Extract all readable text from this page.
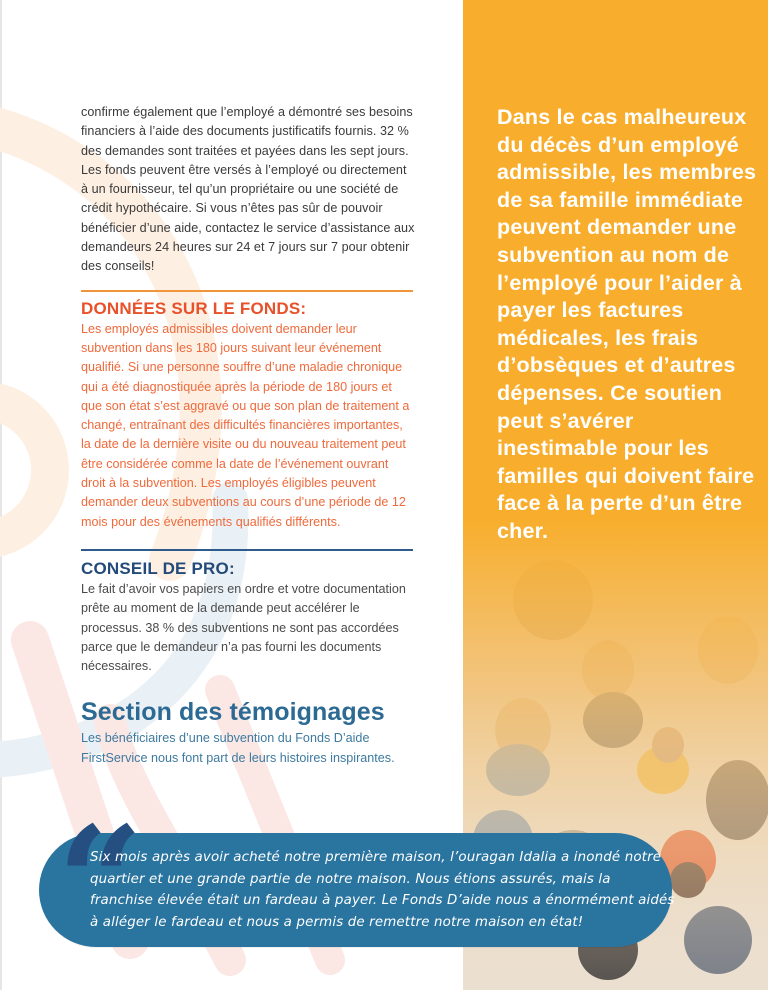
confirme également que l’employé a démontré ses besoins financiers à l’aide des documents justificatifs fournis. 32 % des demandes sont traitées et payées dans les sept jours. Les fonds peuvent être versés à l’employé ou directement à un fournisseur, tel qu’un propriétaire ou une société de crédit hypothécaire. Si vous n’êtes pas sûr de pouvoir bénéficier d’une aide, contactez le service d’assistance aux demandeurs 24 heures sur 24 et 7 jours sur 7 pour obtenir des conseils!

DONNÉES SUR LE FONDS:

Les employés admissibles doivent demander leur subvention dans les 180 jours suivant leur événement qualifié. Si une personne souffre d’une maladie chronique qui a été diagnostiquée après la période de 180 jours et que son état s’est aggravé ou que son plan de traitement a changé, entraînant des difficultés financières importantes, la date de la dernière visite ou du nouveau traitement peut être considérée comme la date de l’événement ouvrant droit à la subvention. Les employés éligibles peuvent demander deux subventions au cours d’une période de 12 mois pour des événements qualifiés différents.

CONSEIL DE PRO:

Le fait d’avoir vos papiers en ordre et votre documentation prête au moment de la demande peut accélérer le processus. 38 % des subventions ne sont pas accordées parce que le demandeur n’a pas fourni les documents nécessaires.

Section des témoignages

Les bénéficiaires d’une subvention du Fonds D’aide FirstService nous font part de leurs histoires inspirantes.

Dans le cas malheureux du décès d’un employé admissible, les membres de sa famille immédiate peuvent demander une subvention au nom de l’employé pour l’aider à payer les factures médicales, les frais d’obsèques et d’autres dépenses. Ce soutien peut s’avérer inestimable pour les familles qui doivent faire face à la perte d’un être cher.

“

Six mois après avoir acheté notre première maison, l’ouragan Idalia a inondé notre quartier et une grande partie de notre maison. Nous étions assurés, mais la franchise élevée était un fardeau à payer. Le Fonds D’aide nous a énormément aidés à alléger le fardeau et nous a permis de remettre notre maison en état!
